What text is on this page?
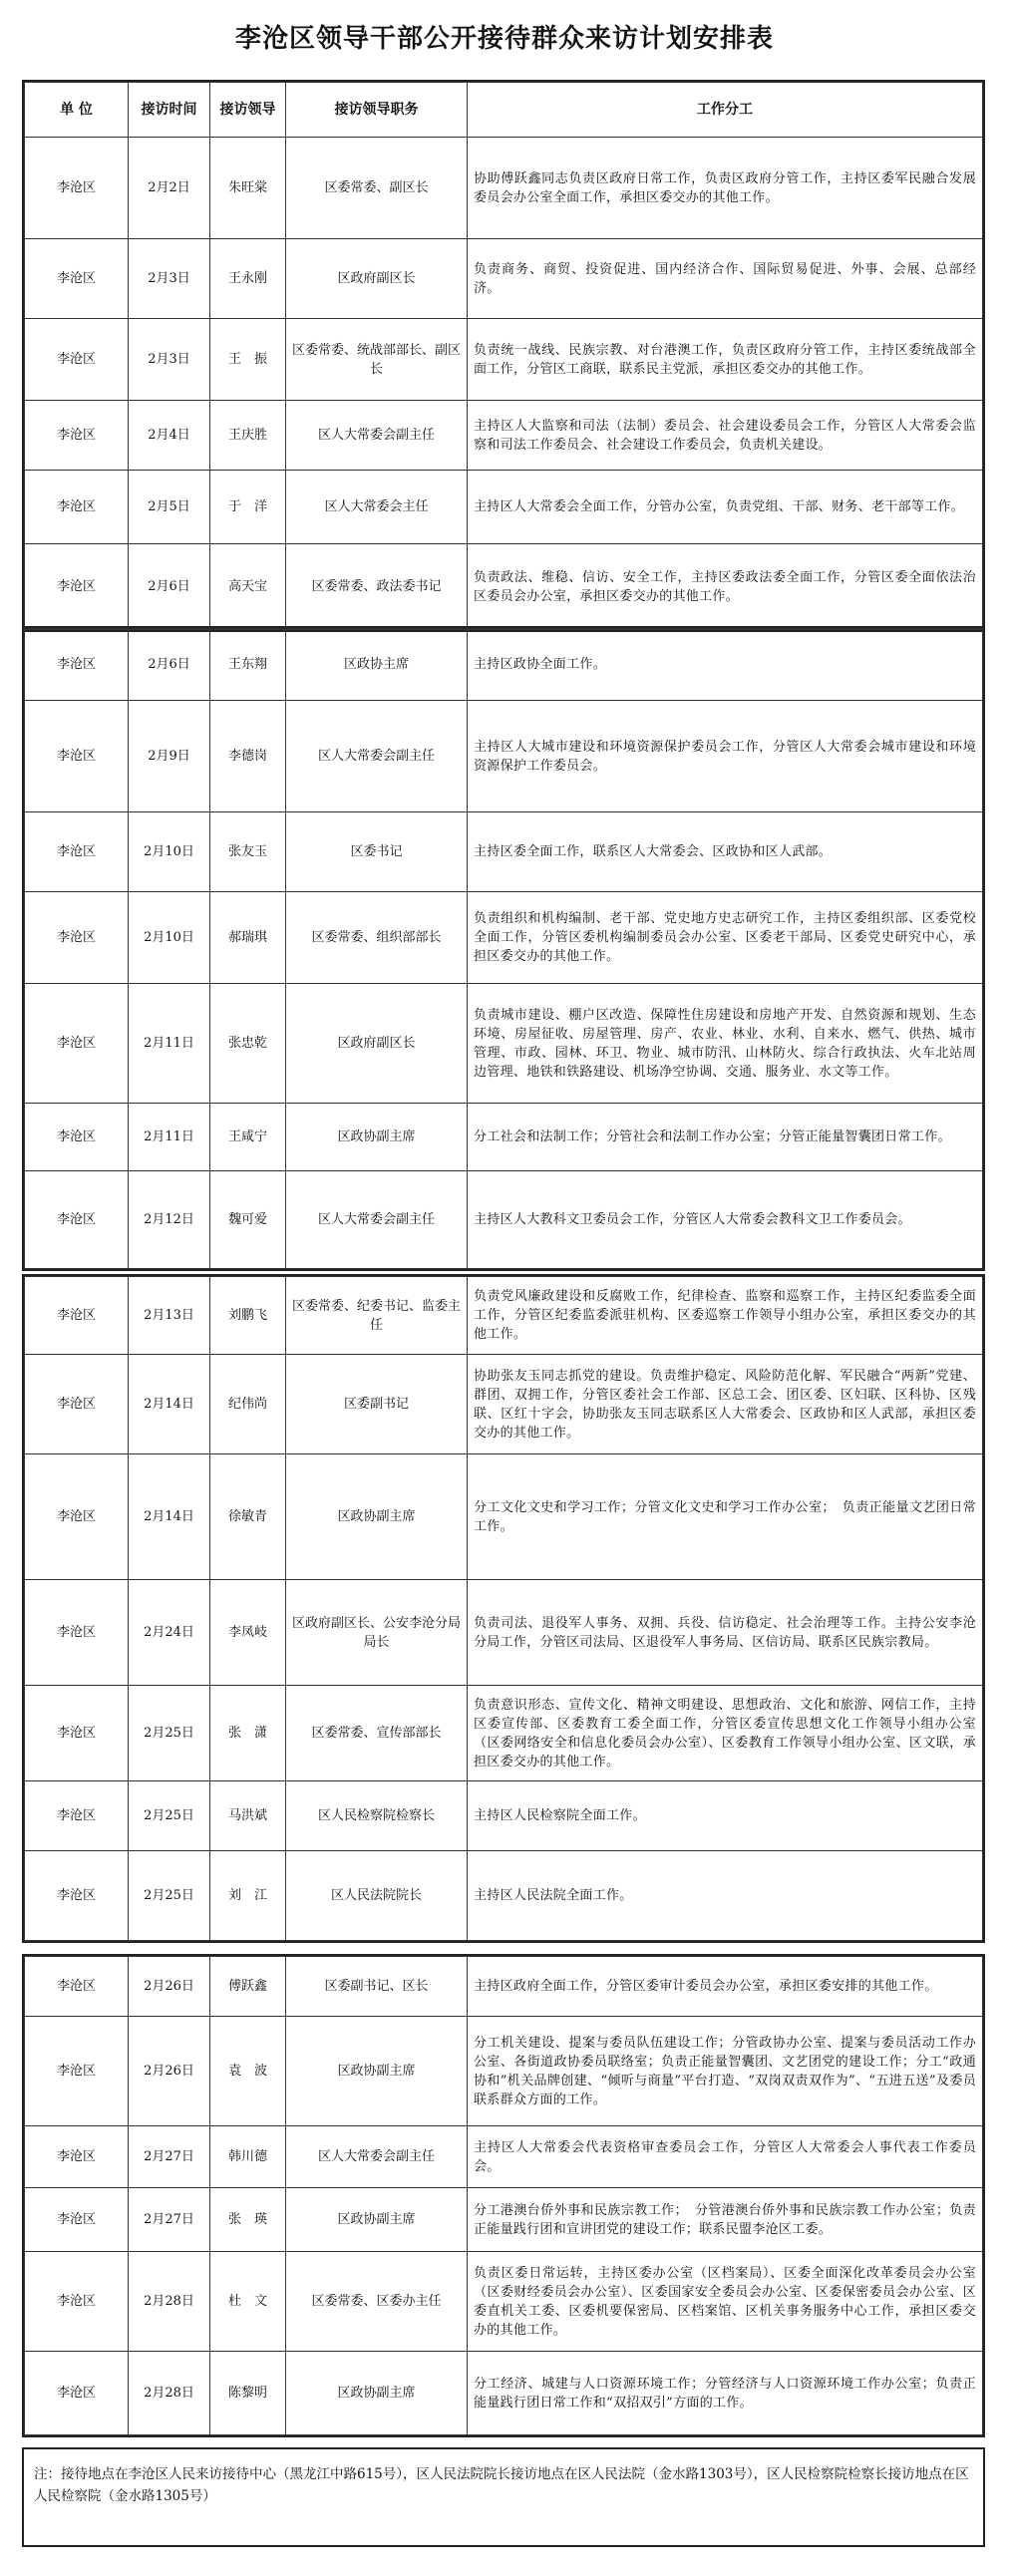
李沧区领导干部公开接待群众来访计划安排表
单 位	接访时间	接访领导	接访领导职务	工作分工
李沧区	2月2日	朱旺棠	区委常委、副区长	协助傅跃鑫同志负责区政府日常工作，负责区政府分管工作，主持区委军民融合发展委员会办公室全面工作，承担区委交办的其他工作。
李沧区	2月3日	王永刚	区政府副区长	负责商务、商贸、投资促进、国内经济合作、国际贸易促进、外事、会展、总部经济。
李沧区	2月3日	王　振	区委常委、统战部部长、副区长	负责统一战线、民族宗教、对台港澳工作，负责区政府分管工作，主持区委统战部全面工作，分管区工商联，联系民主党派，承担区委交办的其他工作。
李沧区	2月4日	王庆胜	区人大常委会副主任	主持区人大监察和司法（法制）委员会、社会建设委员会工作，分管区人大常委会监察和司法工作委员会、社会建设工作委员会，负责机关建设。
李沧区	2月5日	于　洋	区人大常委会主任	主持区人大常委会全面工作，分管办公室，负责党组、干部、财务、老干部等工作。
李沧区	2月6日	高天宝	区委常委、政法委书记	负责政法、维稳、信访、安全工作，主持区委政法委全面工作，分管区委全面依法治区委员会办公室，承担区委交办的其他工作。
李沧区	2月6日	王东翔	区政协主席	主持区政协全面工作。
李沧区	2月9日	李德岗	区人大常委会副主任	主持区人大城市建设和环境资源保护委员会工作，分管区人大常委会城市建设和环境资源保护工作委员会。
李沧区	2月10日	张友玉	区委书记	主持区委全面工作，联系区人大常委会、区政协和区人武部。
李沧区	2月10日	郝瑞琪	区委常委、组织部部长	负责组织和机构编制、老干部、党史地方史志研究工作，主持区委组织部、区委党校全面工作，分管区委机构编制委员会办公室、区委老干部局、区委党史研究中心，承担区委交办的其他工作。
李沧区	2月11日	张忠乾	区政府副区长	负责城市建设、棚户区改造、保障性住房建设和房地产开发、自然资源和规划、生态环境、房屋征收、房屋管理、房产、农业、林业、水利、自来水、燃气、供热、城市管理、市政、园林、环卫、物业、城市防汛、山林防火、综合行政执法、火车北站周边管理、地铁和铁路建设、机场净空协调、交通、服务业、水文等工作。
李沧区	2月11日	王咸宁	区政协副主席	分工社会和法制工作；分管社会和法制工作办公室；分管正能量智囊团日常工作。
李沧区	2月12日	魏可爱	区人大常委会副主任	主持区人大教科文卫委员会工作，分管区人大常委会教科文卫工作委员会。
李沧区	2月13日	刘鹏飞	区委常委、纪委书记、监委主任	负责党风廉政建设和反腐败工作，纪律检查、监察和巡察工作，主持区纪委监委全面工作，分管区纪委监委派驻机构、区委巡察工作领导小组办公室，承担区委交办的其他工作。
李沧区	2月14日	纪伟尚	区委副书记	协助张友玉同志抓党的建设。负责维护稳定、风险防范化解、军民融合“两新”党建、群团、双拥工作，分管区委社会工作部、区总工会、团区委、区妇联、区科协、区残联、区红十字会，协助张友玉同志联系区人大常委会、区政协和区人武部，承担区委交办的其他工作。
李沧区	2月14日	徐敏青	区政协副主席	分工文化文史和学习工作；分管文化文史和学习工作办公室；　负责正能量文艺团日常工作。
李沧区	2月24日	李凤岐	区政府副区长、公安李沧分局局长	负责司法、退役军人事务、双拥、兵役、信访稳定、社会治理等工作。主持公安李沧分局工作，分管区司法局、区退役军人事务局、区信访局、联系区民族宗教局。
李沧区	2月25日	张　潇	区委常委、宣传部部长	负责意识形态、宣传文化、精神文明建设、思想政治、文化和旅游、网信工作，主持区委宣传部、区委教育工委全面工作，分管区委宣传思想文化工作领导小组办公室（区委网络安全和信息化委员会办公室）、区委教育工作领导小组办公室、区文联，承担区委交办的其他工作。
李沧区	2月25日	马洪斌	区人民检察院检察长	主持区人民检察院全面工作。
李沧区	2月25日	刘　江	区人民法院院长	主持区人民法院全面工作。
李沧区	2月26日	傅跃鑫	区委副书记、区长	主持区政府全面工作，分管区委审计委员会办公室，承担区委安排的其他工作。
李沧区	2月26日	袁　波	区政协副主席	分工机关建设、提案与委员队伍建设工作；分管政协办公室、提案与委员活动工作办公室、各街道政协委员联络室；负责正能量智囊团、文艺团党的建设工作；分工“政通协和”机关品牌创建、“倾听与商量”平台打造、“双岗双责双作为”、“五进五送”及委员联系群众方面的工作。
李沧区	2月27日	韩川德	区人大常委会副主任	主持区人大常委会代表资格审查委员会工作，分管区人大常委会人事代表工作委员会。
李沧区	2月27日	张　瑛	区政协副主席	分工港澳台侨外事和民族宗教工作；　分管港澳台侨外事和民族宗教工作办公室；负责正能量践行团和宣讲团党的建设工作；联系民盟李沧区工委。
李沧区	2月28日	杜　文	区委常委、区委办主任	负责区委日常运转，主持区委办公室（区档案局）、区委全面深化改革委员会办公室（区委财经委员会办公室）、区委国家安全委员会办公室、区委保密委员会办公室、区委直机关工委、区委机要保密局、区档案馆、区机关事务服务中心工作，承担区委交办的其他工作。
李沧区	2月28日	陈黎明	区政协副主席	分工经济、城建与人口资源环境工作；分管经济与人口资源环境工作办公室；负责正能量践行团日常工作和“双招双引”方面的工作。
注：接待地点在李沧区人民来访接待中心（黑龙江中路615号），区人民法院院长接访地点在区人民法院（金水路1303号），区人民检察院检察长接访地点在区人民检察院（金水路1305号）
